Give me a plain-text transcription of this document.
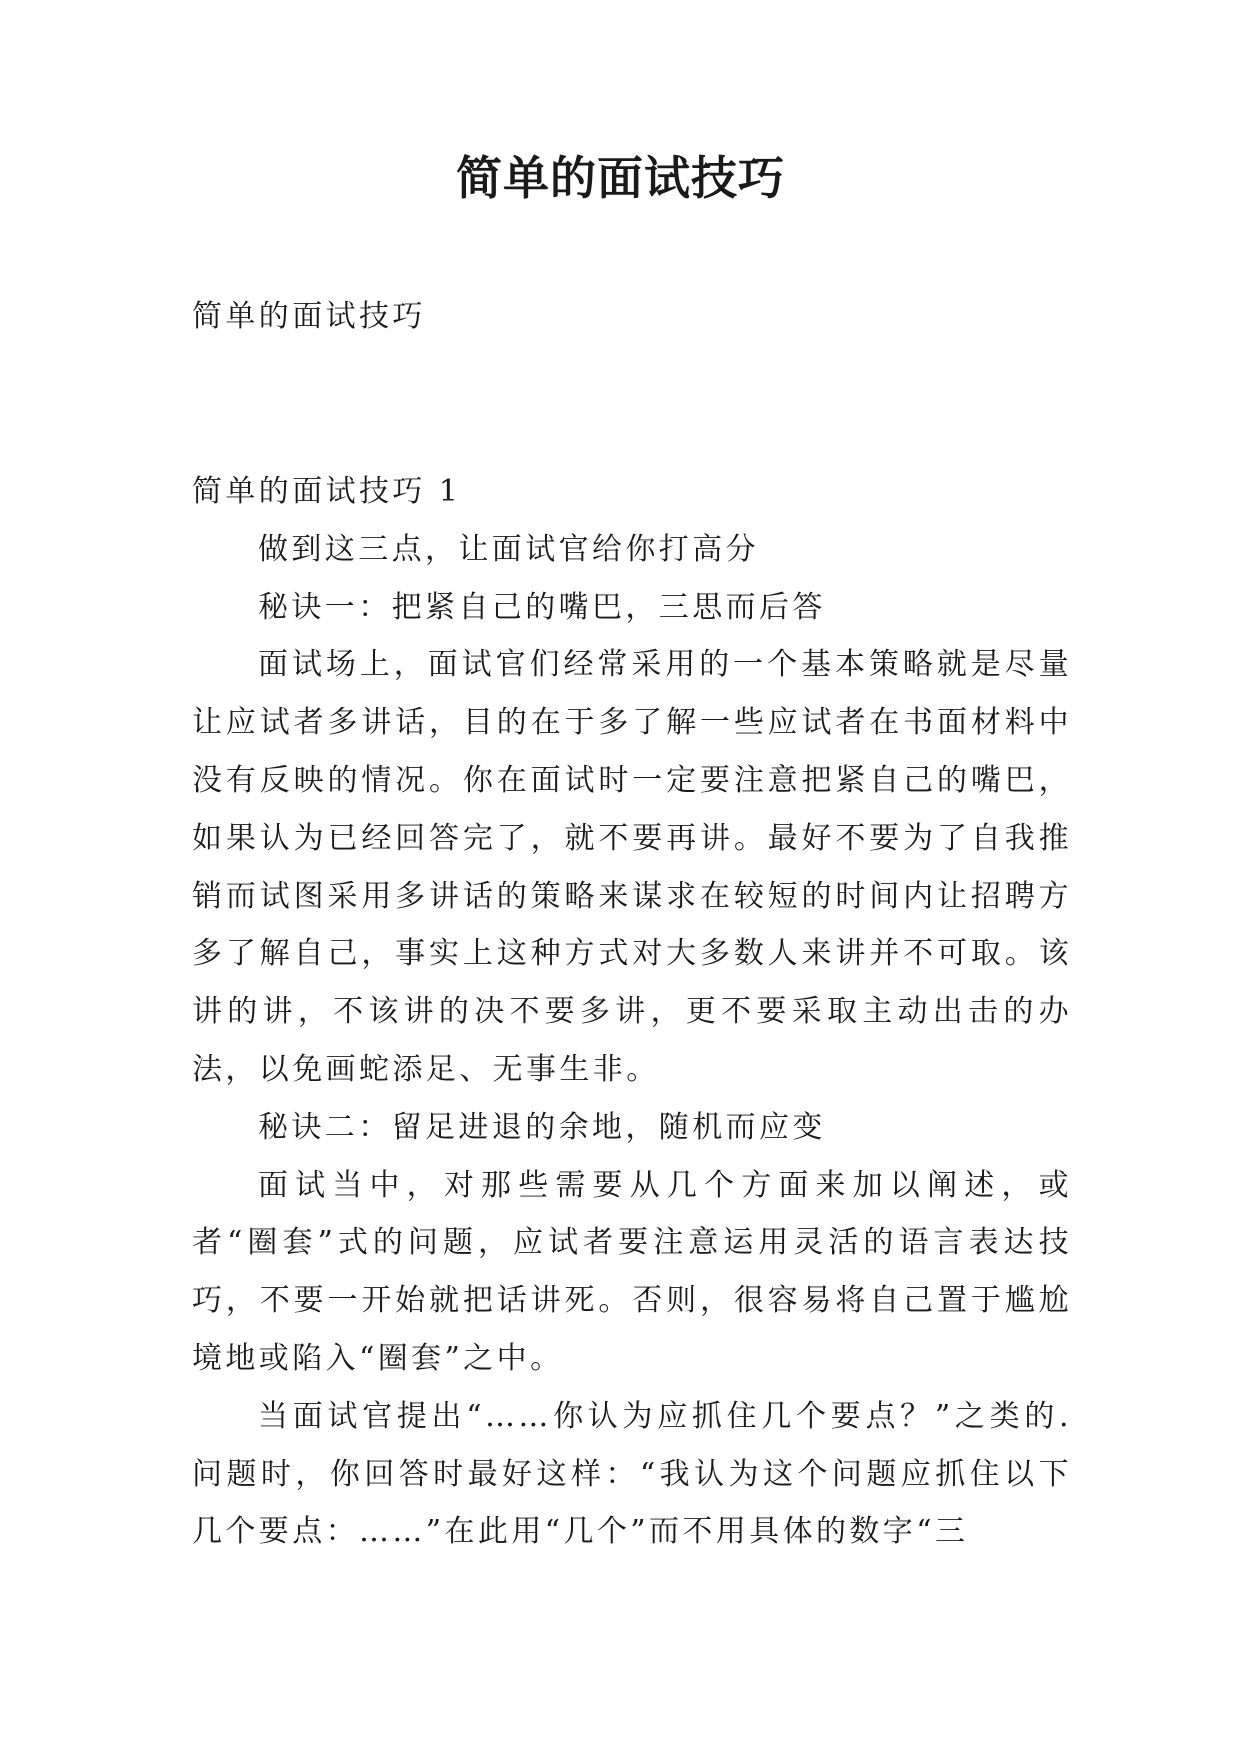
简单的面试技巧
简单的面试技巧

简单的面试技巧 1

做到这三点，让面试官给你打高分

秘诀一：把紧自己的嘴巴，三思而后答

面试场上，面试官们经常采用的一个基本策略就是尽量让应试者多讲话，目的在于多了解一些应试者在书面材料中没有反映的情况。你在面试时一定要注意把紧自己的嘴巴，如果认为已经回答完了，就不要再讲。最好不要为了自我推销而试图采用多讲话的策略来谋求在较短的时间内让招聘方多了解自己，事实上这种方式对大多数人来讲并不可取。该讲的讲，不该讲的决不要多讲，更不要采取主动出击的办法，以免画蛇添足、无事生非。

秘诀二：留足进退的余地，随机而应变

面试当中，对那些需要从几个方面来加以阐述，或者“圈套”式的问题，应试者要注意运用灵活的语言表达技巧，不要一开始就把话讲死。否则，很容易将自己置于尴尬境地或陷入“圈套”之中。

当面试官提出“……你认为应抓住几个要点？”之类的.问题时，你回答时最好这样：“我认为这个问题应抓住以下几个要点：……”在此用“几个”而不用具体的数字“三
